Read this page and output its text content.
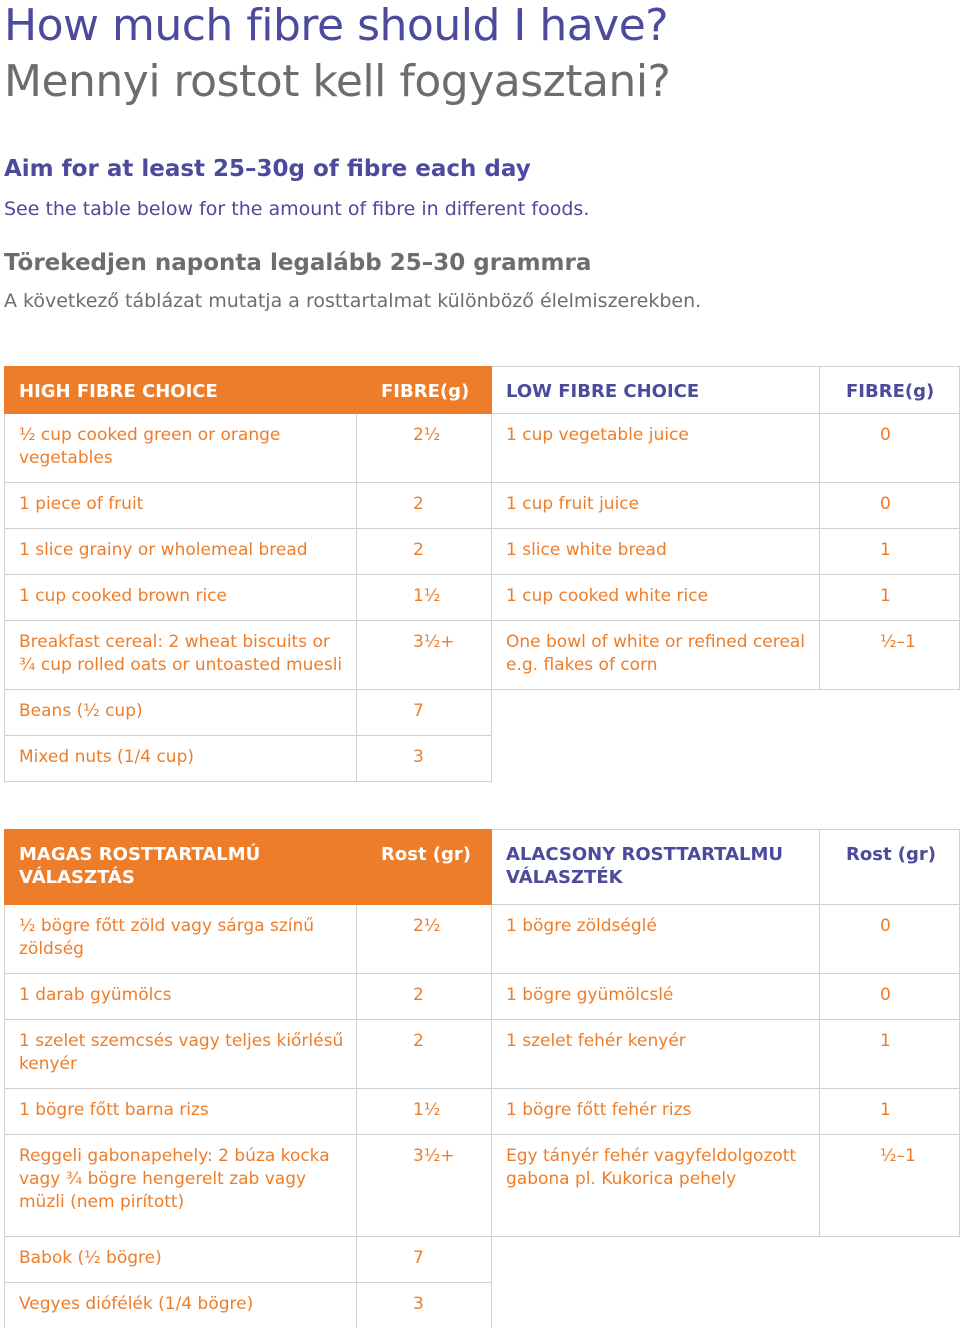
How much fibre should I have?
Mennyi rostot kell fogyasztani?
Aim for at least 25–30g of fibre each day
See the table below for the amount of fibre in different foods.
Törekedjen naponta legalább 25–30 grammra
A következő táblázat mutatja a rosttartalmat különböző élelmiszerekben.
HIGH FIBRE CHOICE	FIBRE(g)	LOW FIBRE CHOICE	FIBRE(g)
½ cup cooked green or orange vegetables	2½	1 cup vegetable juice	0
1 piece of fruit	2	1 cup fruit juice	0
1 slice grainy or wholemeal bread	2	1 slice white bread	1
1 cup cooked brown rice	1½	1 cup cooked white rice	1
Breakfast cereal: 2 wheat biscuits or ¾ cup rolled oats or untoasted muesli	3½+	One bowl of white or refined cereal e.g. flakes of corn	½–1
Beans (½ cup)	7		
Mixed nuts (1/4 cup)	3		
MAGAS ROSTTARTALMÚ VÁLASZTÁS	Rost (gr)	ALACSONY ROSTTARTALMU VÁLASZTÉK	Rost (gr)
½ bögre főtt zöld vagy sárga színű zöldség	2½	1 bögre zöldséglé	0
1 darab gyümölcs	2	1 bögre gyümölcslé	0
1 szelet szemcsés vagy teljes kiőrlésű kenyér	2	1 szelet fehér kenyér	1
1 bögre főtt barna rizs	1½	1 bögre főtt fehér rizs	1
Reggeli gabonapehely: 2 búza kocka vagy ¾ bögre hengerelt zab vagy müzli (nem pirított)	3½+	Egy tányér fehér vagyfeldolgozott gabona pl. Kukorica pehely	½–1
Babok (½ bögre)	7		
Vegyes diófélék (1/4 bögre)	3		
